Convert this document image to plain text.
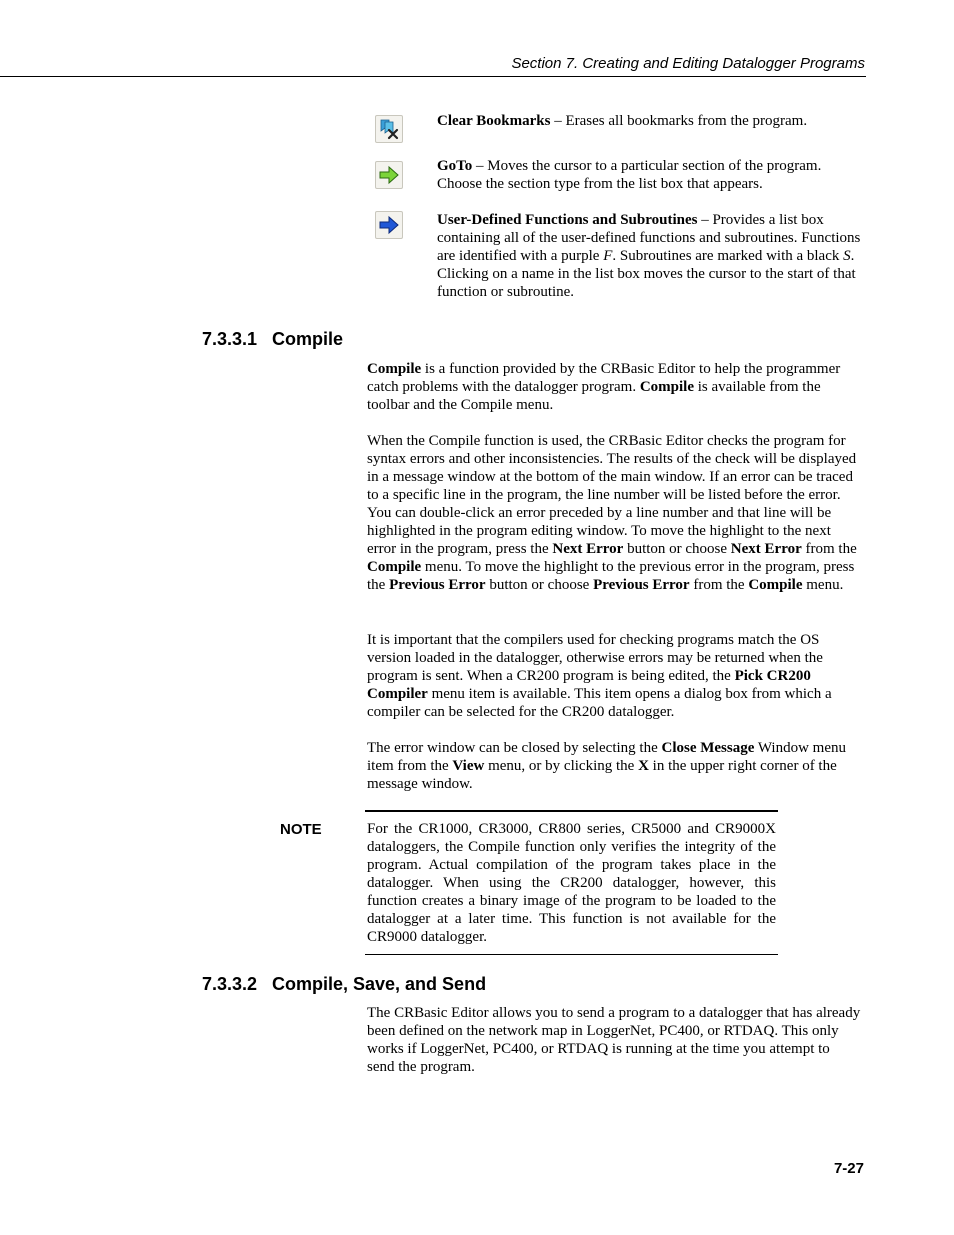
Section 7. Creating and Editing Datalogger Programs

Clear Bookmarks – Erases all bookmarks from the program.

GoTo – Moves the cursor to a particular section of the program. Choose the section type from the list box that appears.

User-Defined Functions and Subroutines – Provides a list box containing all of the user-defined functions and subroutines. Functions are identified with a purple F. Subroutines are marked with a black S. Clicking on a name in the list box moves the cursor to the start of that function or subroutine.

7.3.3.1 Compile

Compile is a function provided by the CRBasic Editor to help the programmer catch problems with the datalogger program. Compile is available from the toolbar and the Compile menu.

When the Compile function is used, the CRBasic Editor checks the program for syntax errors and other inconsistencies. The results of the check will be displayed in a message window at the bottom of the main window. If an error can be traced to a specific line in the program, the line number will be listed before the error. You can double-click an error preceded by a line number and that line will be highlighted in the program editing window. To move the highlight to the next error in the program, press the Next Error button or choose Next Error from the Compile menu. To move the highlight to the previous error in the program, press the Previous Error button or choose Previous Error from the Compile menu.

It is important that the compilers used for checking programs match the OS version loaded in the datalogger, otherwise errors may be returned when the program is sent. When a CR200 program is being edited, the Pick CR200 Compiler menu item is available. This item opens a dialog box from which a compiler can be selected for the CR200 datalogger.

The error window can be closed by selecting the Close Message Window menu item from the View menu, or by clicking the X in the upper right corner of the message window.

NOTE	For the CR1000, CR3000, CR800 series, CR5000 and CR9000X dataloggers, the Compile function only verifies the integrity of the program. Actual compilation of the program takes place in the datalogger. When using the CR200 datalogger, however, this function creates a binary image of the program to be loaded to the datalogger at a later time. This function is not available for the CR9000 datalogger.
7.3.3.2 Compile, Save, and Send

The CRBasic Editor allows you to send a program to a datalogger that has already been defined on the network map in LoggerNet, PC400, or RTDAQ. This only works if LoggerNet, PC400, or RTDAQ is running at the time you attempt to send the program.

7-27
